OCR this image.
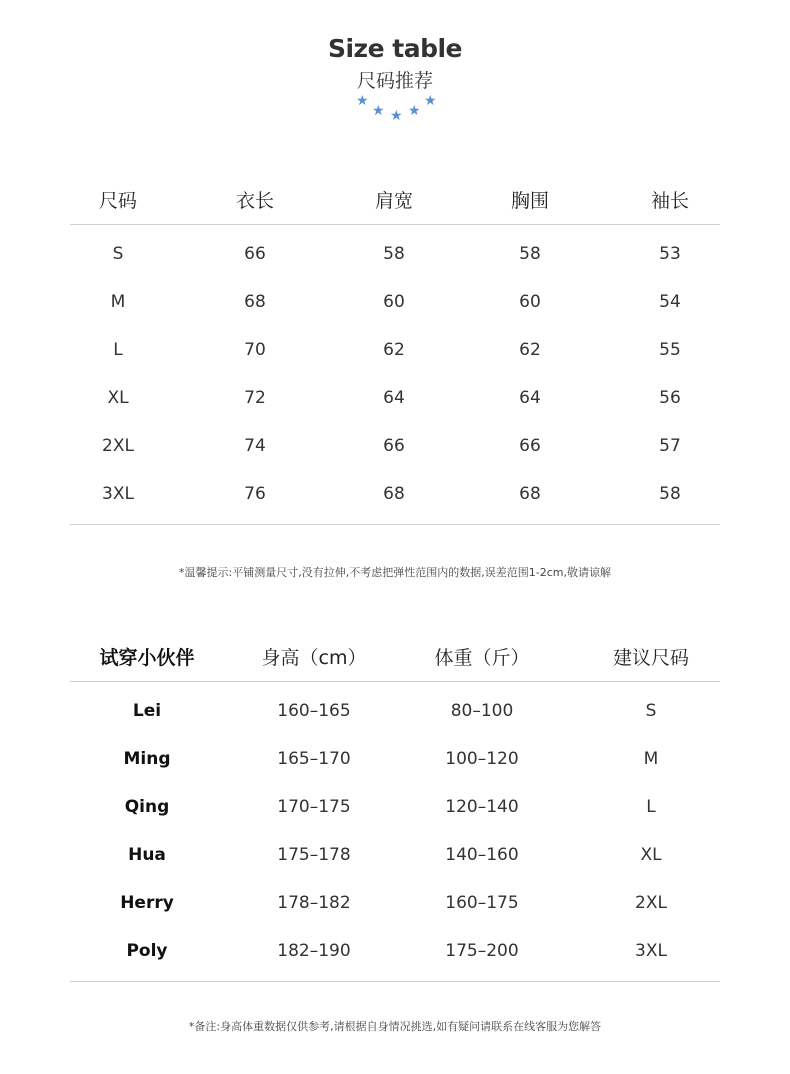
Size table
尺码推荐
★
★ ★ ★
★
尺码	衣长	肩宽	胸围	袖长
S	66	58	58	53
M	68	60	60	54
L	70	62	62	55
XL	72	64	64	56
2XL	74	66	66	57
3XL	76	68	68	58
*温馨提示:平铺测量尺寸,没有拉伸,不考虑把弹性范围内的数据,误差范围1-2cm,敬请谅解
试穿小伙伴	身高（cm）	体重（斤）	建议尺码
Lei	160–165	80–100	S
Ming	165–170	100–120	M
Qing	170–175	120–140	L
Hua	175–178	140–160	XL
Herry	178–182	160–175	2XL
Poly	182–190	175–200	3XL
*备注:身高体重数据仅供参考,请根据自身情况挑选,如有疑问请联系在线客服为您解答
